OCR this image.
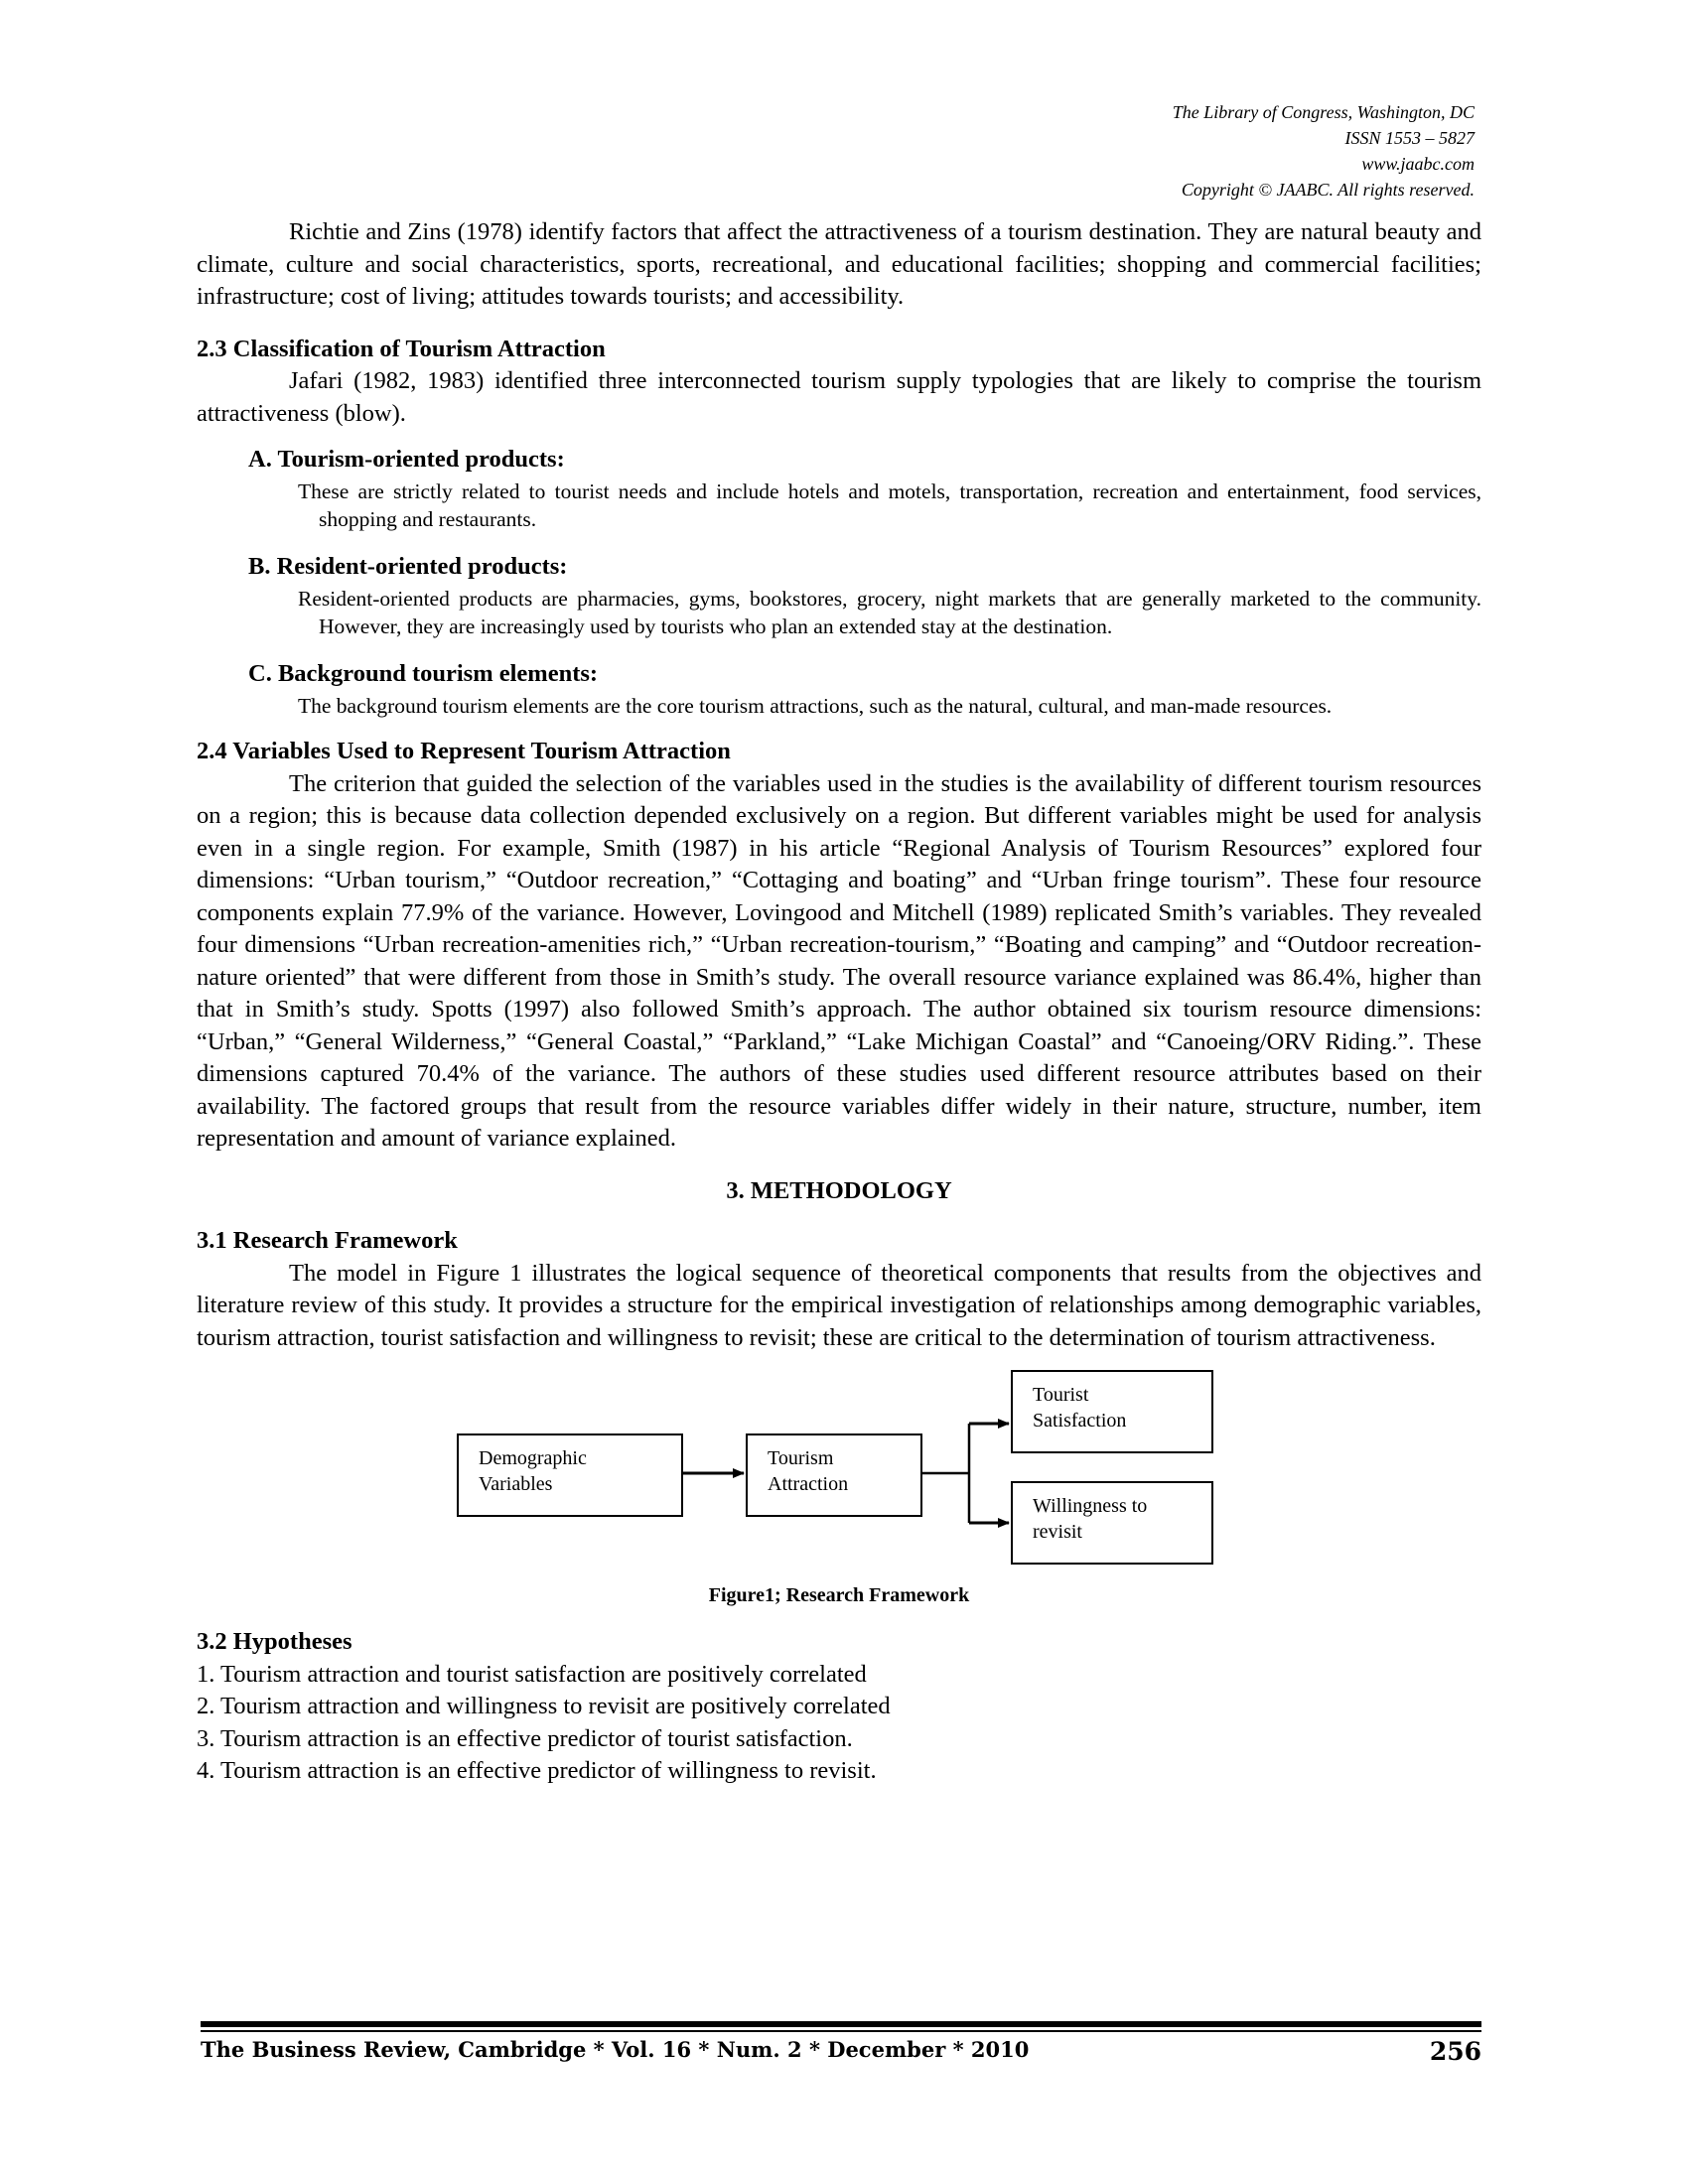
The Library of Congress, Washington, DC
ISSN 1553 – 5827
www.jaabc.com
Copyright © JAABC. All rights reserved.

Richtie and Zins (1978) identify factors that affect the attractiveness of a tourism destination. They are natural beauty and climate, culture and social characteristics, sports, recreational, and educational facilities; shopping and commercial facilities; infrastructure; cost of living; attitudes towards tourists; and accessibility.

2.3 Classification of Tourism Attraction

Jafari (1982, 1983) identified three interconnected tourism supply typologies that are likely to comprise the tourism attractiveness (blow).

A. Tourism-oriented products:

These are strictly related to tourist needs and include hotels and motels, transportation, recreation and entertainment, food services, shopping and restaurants.

B. Resident-oriented products:

Resident-oriented products are pharmacies, gyms, bookstores, grocery, night markets that are generally marketed to the community. However, they are increasingly used by tourists who plan an extended stay at the destination.

C. Background tourism elements:

The background tourism elements are the core tourism attractions, such as the natural, cultural, and man-made resources.

2.4 Variables Used to Represent Tourism Attraction

The criterion that guided the selection of the variables used in the studies is the availability of different tourism resources on a region; this is because data collection depended exclusively on a region. But different variables might be used for analysis even in a single region. For example, Smith (1987) in his article “Regional Analysis of Tourism Resources” explored four dimensions: “Urban tourism,” “Outdoor recreation,” “Cottaging and boating” and “Urban fringe tourism”. These four resource components explain 77.9% of the variance. However, Lovingood and Mitchell (1989) replicated Smith’s variables. They revealed four dimensions “Urban recreation-amenities rich,” “Urban recreation-tourism,” “Boating and camping” and “Outdoor recreation-nature oriented” that were different from those in Smith’s study. The overall resource variance explained was 86.4%, higher than that in Smith’s study. Spotts (1997) also followed Smith’s approach. The author obtained six tourism resource dimensions: “Urban,” “General Wilderness,” “General Coastal,” “Parkland,” “Lake Michigan Coastal” and “Canoeing/ORV Riding.”. These dimensions captured 70.4% of the variance. The authors of these studies used different resource attributes based on their availability. The factored groups that result from the resource variables differ widely in their nature, structure, number, item representation and amount of variance explained.

3. METHODOLOGY

3.1 Research Framework

The model in Figure 1 illustrates the logical sequence of theoretical components that results from the objectives and literature review of this study. It provides a structure for the empirical investigation of relationships among demographic variables, tourism attraction, tourist satisfaction and willingness to revisit; these are critical to the determination of tourism attractiveness.

Demographic
Variables
Tourism
Attraction
Tourist
Satisfaction
Willingness to
revisit
Figure1; Research Framework

3.2 Hypotheses

1. Tourism attraction and tourist satisfaction are positively correlated

2. Tourism attraction and willingness to revisit are positively correlated

3. Tourism attraction is an effective predictor of tourist satisfaction.

4. Tourism attraction is an effective predictor of willingness to revisit.

The Business Review, Cambridge * Vol. 16 * Num. 2 * December * 2010	256
